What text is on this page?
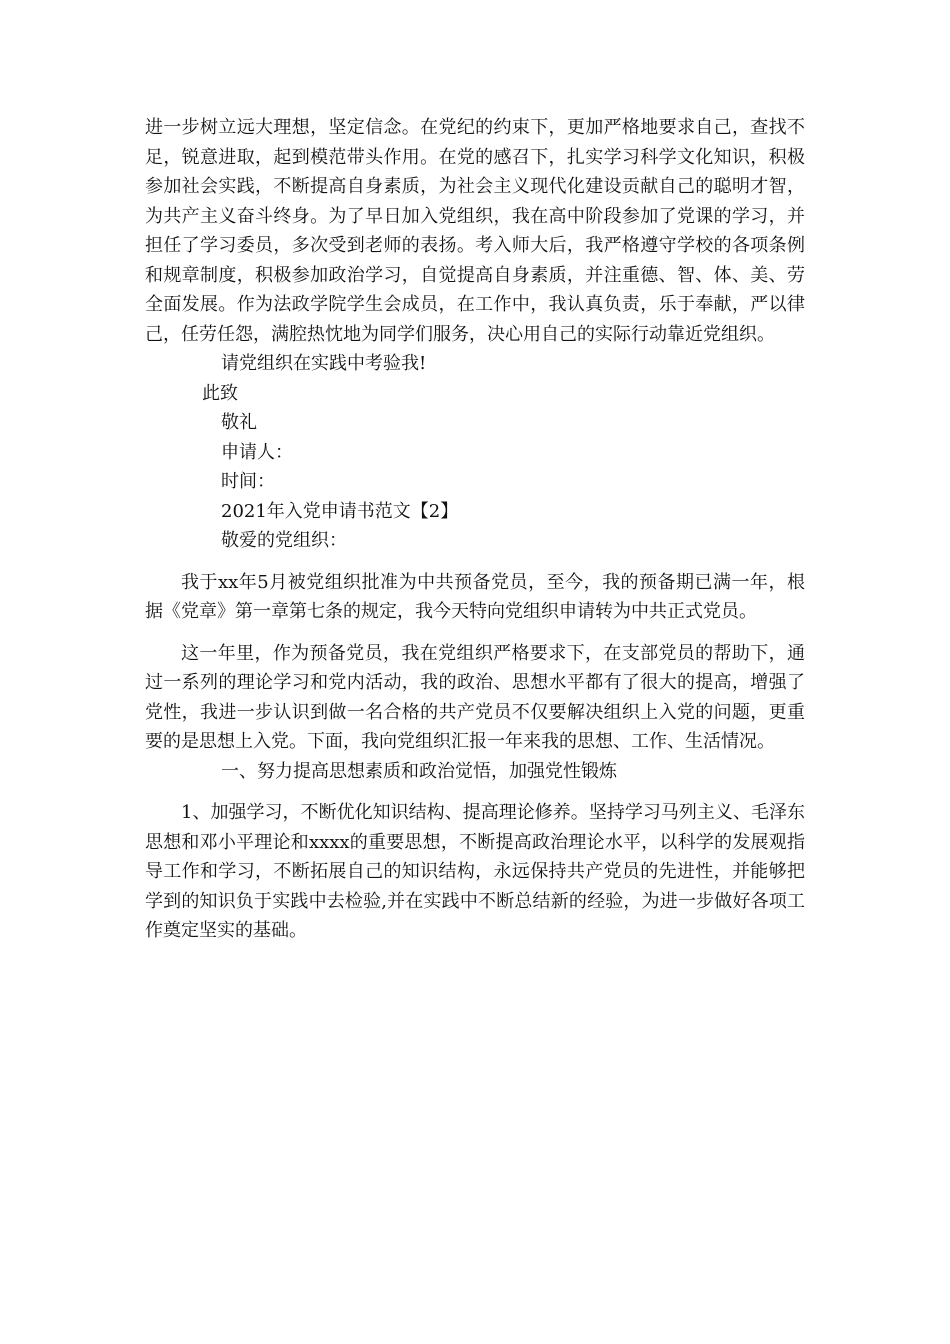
进一步树立远大理想，坚定信念。在党纪的约束下，更加严格地要求自己，查找不足，锐意进取，起到模范带头作用。在党的感召下，扎实学习科学文化知识，积极参加社会实践，不断提高自身素质，为社会主义现代化建设贡献自己的聪明才智，为共产主义奋斗终身。为了早日加入党组织，我在高中阶段参加了党课的学习，并担任了学习委员，多次受到老师的表扬。考入师大后，我严格遵守学校的各项条例和规章制度，积极参加政治学习，自觉提高自身素质，并注重德、智、体、美、劳全面发展。作为法政学院学生会成员，在工作中，我认真负责，乐于奉献，严以律己，任劳任怨，满腔热忱地为同学们服务，决心用自己的实际行动靠近党组织。

请党组织在实践中考验我!

此致

敬礼

申请人：

时间：

2021年入党申请书范文【2】

敬爱的党组织：

我于xx年5月被党组织批准为中共预备党员，至今，我的预备期已满一年，根据《党章》第一章第七条的规定，我今天特向党组织申请转为中共正式党员。

这一年里，作为预备党员，我在党组织严格要求下，在支部党员的帮助下，通过一系列的理论学习和党内活动，我的政治、思想水平都有了很大的提高，增强了党性，我进一步认识到做一名合格的共产党员不仅要解决组织上入党的问题，更重要的是思想上入党。下面，我向党组织汇报一年来我的思想、工作、生活情况。

一、努力提高思想素质和政治觉悟，加强党性锻炼

1、加强学习，不断优化知识结构、提高理论修养。坚持学习马列主义、毛泽东思想和邓小平理论和xxxx的重要思想，不断提高政治理论水平，以科学的发展观指导工作和学习，不断拓展自己的知识结构，永远保持共产党员的先进性，并能够把学到的知识负于实践中去检验,并在实践中不断总结新的经验，为进一步做好各项工作奠定坚实的基础。
